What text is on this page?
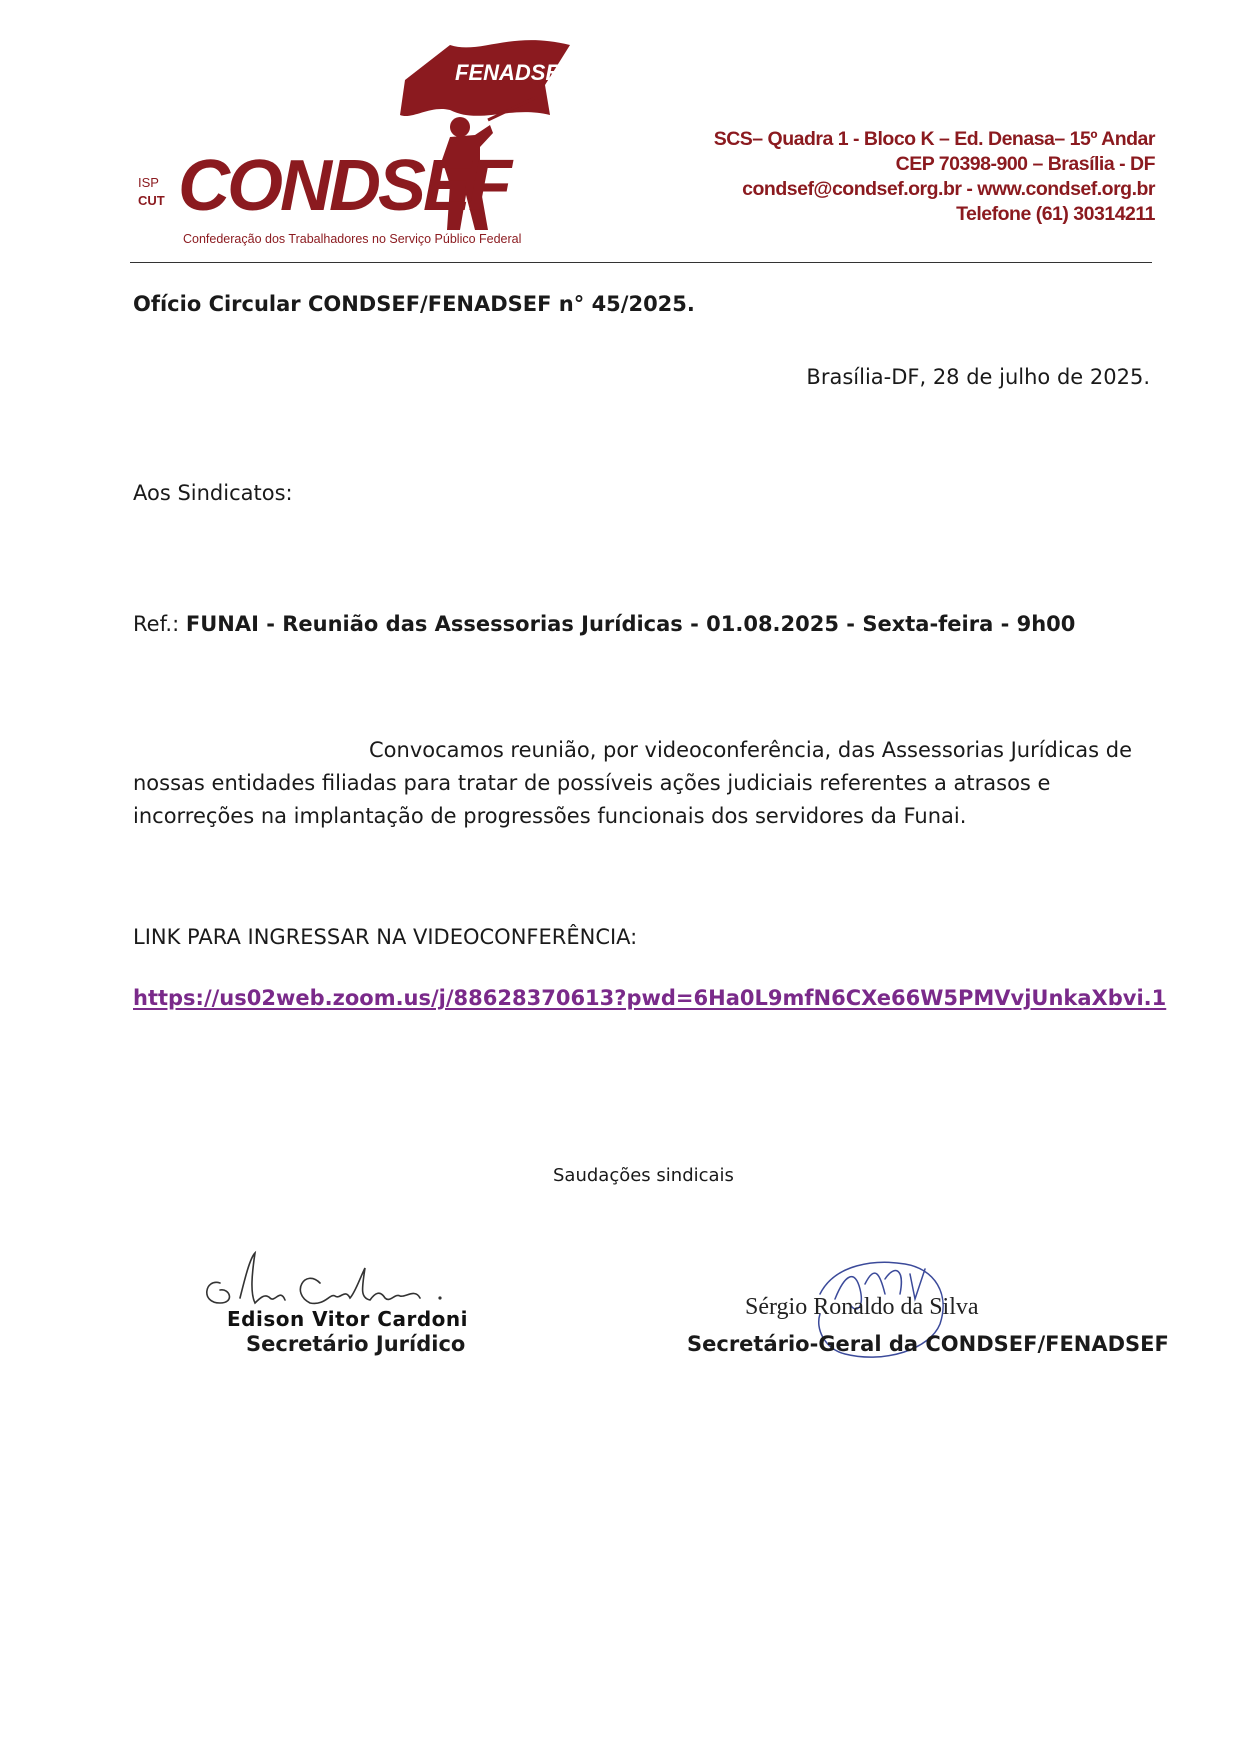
FENADSEF
CONDSEF
ISP
CUT
Confederação dos Trabalhadores no Serviço Público Federal
SCS– Quadra 1 - Bloco K – Ed. Denasa– 15º Andar
CEP 70398-900 – Brasília - DF
condsef@condsef.org.br - www.condsef.org.br
Telefone (61) 30314211
Ofício Circular CONDSEF/FENADSEF n° 45/2025.
Brasília-DF, 28 de julho de 2025.
Aos Sindicatos:
Ref.: FUNAI - Reunião das Assessorias Jurídicas - 01.08.2025 - Sexta-feira - 9h00
Convocamos reunião, por videoconferência, das Assessorias Jurídicas de nossas entidades filiadas para tratar de possíveis ações judiciais referentes a atrasos e incorreções na implantação de progressões funcionais dos servidores da Funai.
LINK PARA INGRESSAR NA VIDEOCONFERÊNCIA:
https://us02web.zoom.us/j/88628370613?pwd=6Ha0L9mfN6CXe66W5PMVvjUnkaXbvi.1
Saudações sindicais
Edison Vitor Cardoni
Secretário Jurídico
Sérgio Ronaldo da Silva
Secretário-Geral da CONDSEF/FENADSEF
